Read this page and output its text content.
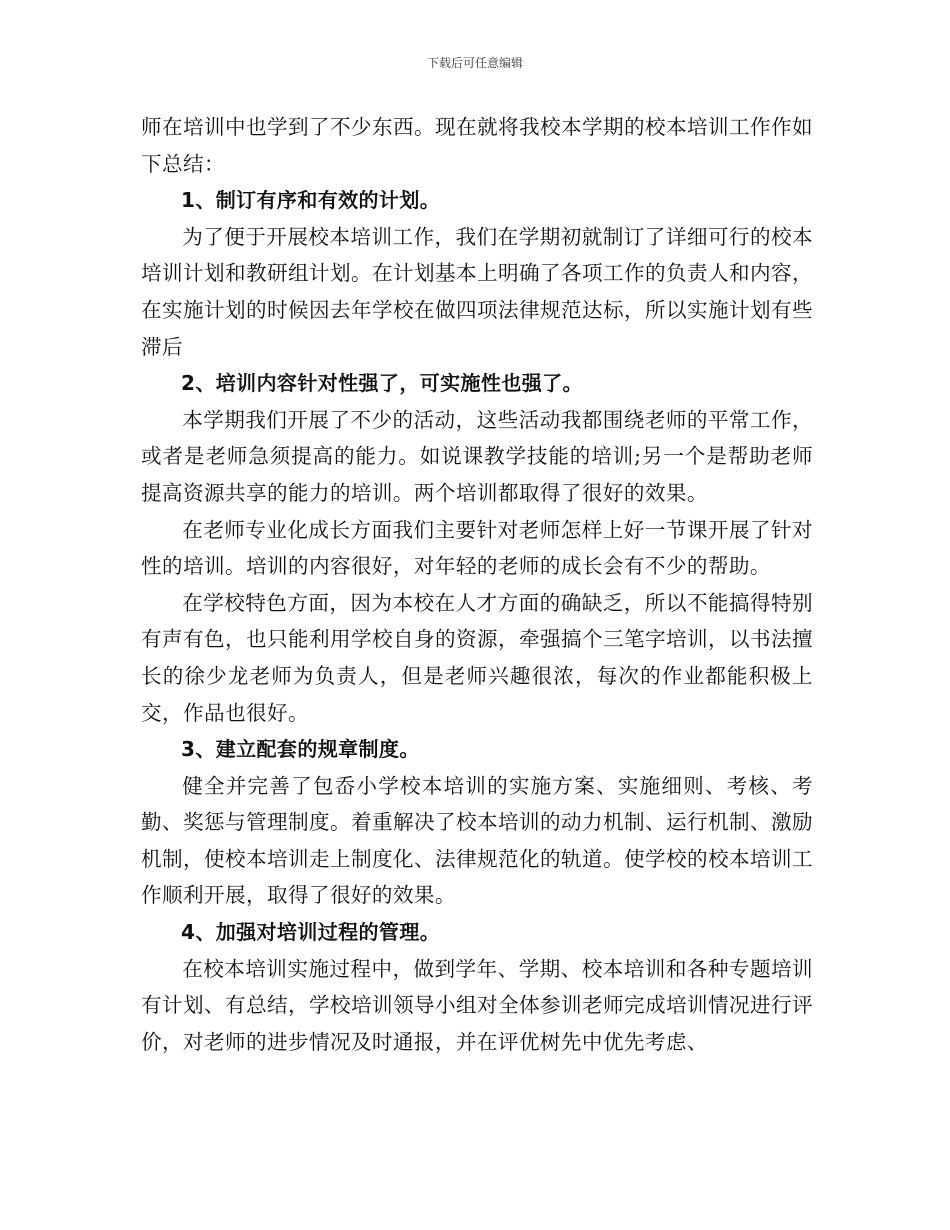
下载后可任意编辑

师在培训中也学到了不少东西。现在就将我校本学期的校本培训工作作如下总结：

1、制订有序和有效的计划。

为了便于开展校本培训工作，我们在学期初就制订了详细可行的校本培训计划和教研组计划。在计划基本上明确了各项工作的负责人和内容，在实施计划的时候因去年学校在做四项法律规范达标，所以实施计划有些滞后

2、培训内容针对性强了，可实施性也强了。

本学期我们开展了不少的活动，这些活动我都围绕老师的平常工作，或者是老师急须提高的能力。如说课教学技能的培训;另一个是帮助老师提高资源共享的能力的培训。两个培训都取得了很好的效果。

在老师专业化成长方面我们主要针对老师怎样上好一节课开展了针对性的培训。培训的内容很好，对年轻的老师的成长会有不少的帮助。

在学校特色方面，因为本校在人才方面的确缺乏，所以不能搞得特别有声有色，也只能利用学校自身的资源，牵强搞个三笔字培训，以书法擅长的徐少龙老师为负责人，但是老师兴趣很浓，每次的作业都能积极上交，作品也很好。

3、建立配套的规章制度。

健全并完善了包岙小学校本培训的实施方案、实施细则、考核、考勤、奖惩与管理制度。着重解决了校本培训的动力机制、运行机制、激励机制，使校本培训走上制度化、法律规范化的轨道。使学校的校本培训工作顺利开展，取得了很好的效果。

4、加强对培训过程的管理。

在校本培训实施过程中，做到学年、学期、校本培训和各种专题培训有计划、有总结，学校培训领导小组对全体参训老师完成培训情况进行评价，对老师的进步情况及时通报，并在评优树先中优先考虑、
